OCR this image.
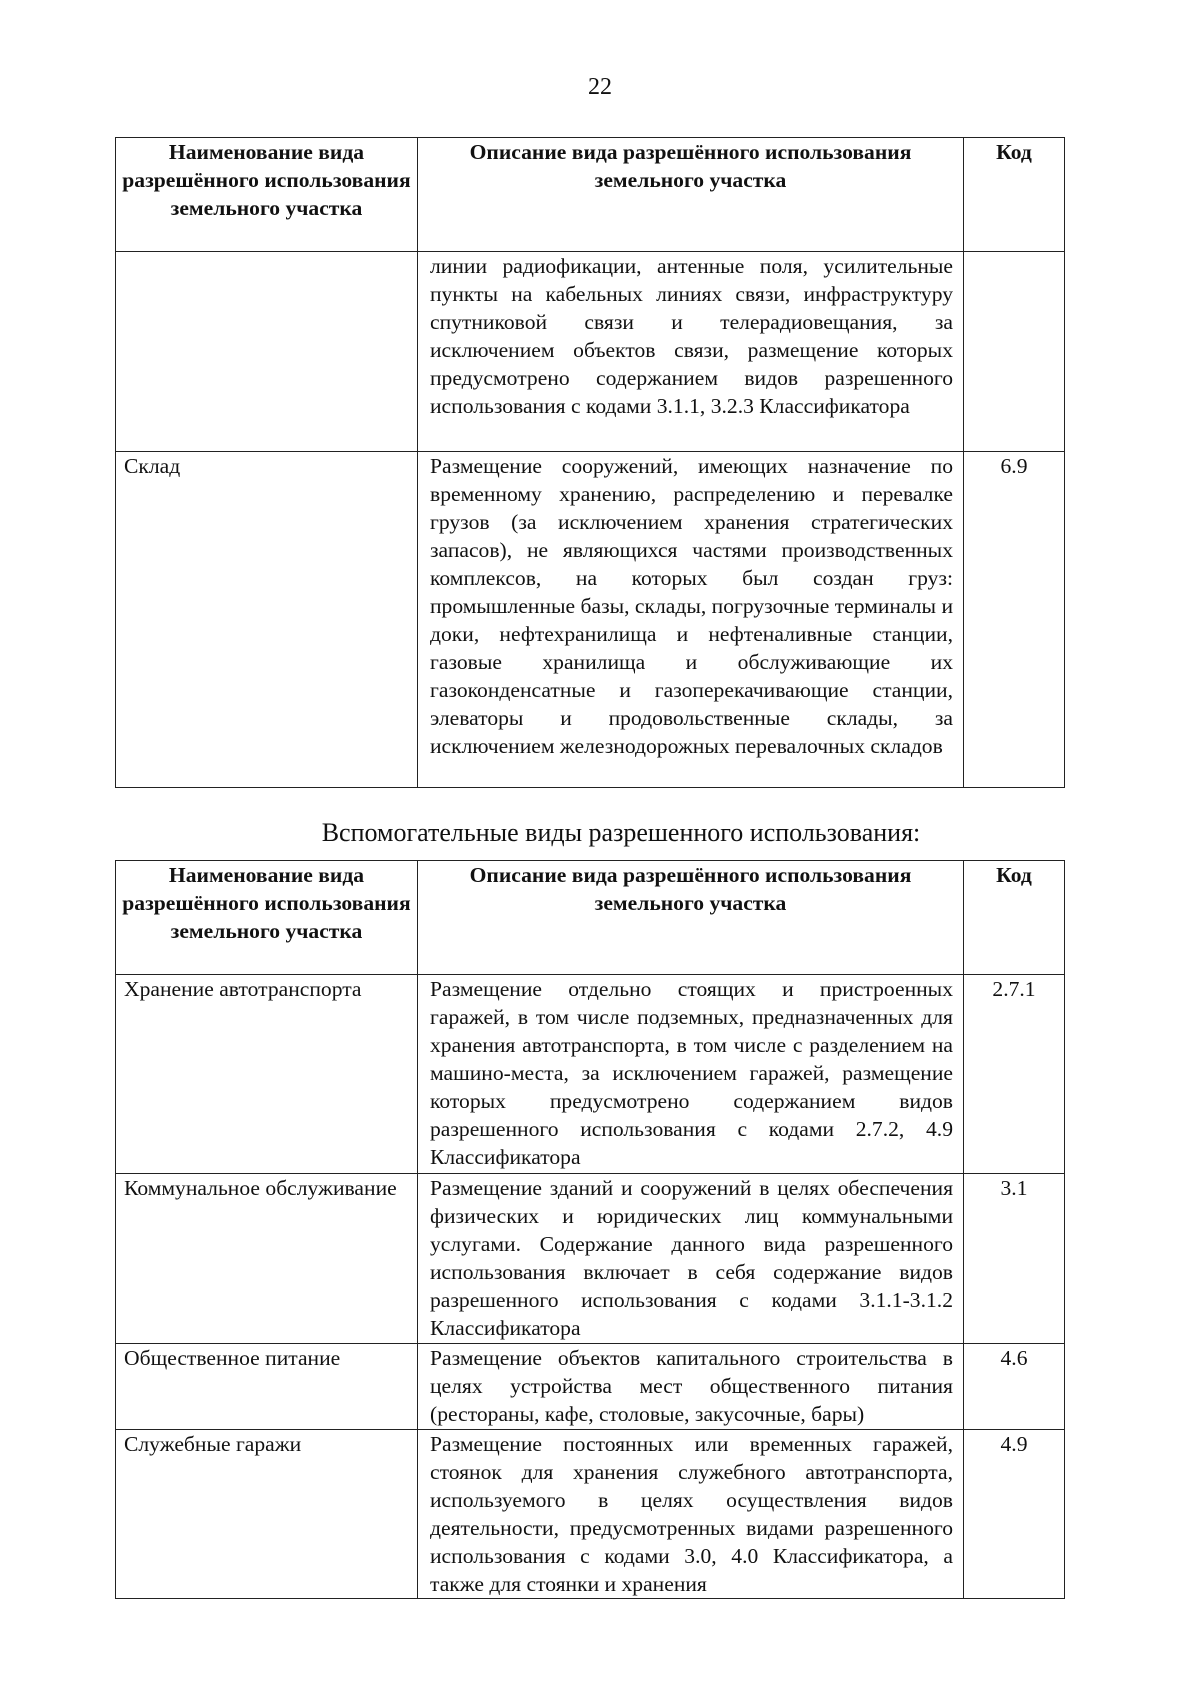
22
Наименование вида разрешённого использования земельного участка	Описание вида разрешённого использования земельного участка	Код
	линии радиофикации, антенные поля, усилительные пункты на кабельных линиях связи, инфраструктуру спутниковой связи и телерадиовещания, за исключением объектов связи, размещение которых предусмотрено содержанием видов разрешенного использования с кодами 3.1.1, 3.2.3 Классификатора	
Склад	Размещение сооружений, имеющих назначение по временному хранению, распределению и перевалке грузов (за исключением хранения стратегических запасов), не являющихся частями производственных комплексов, на которых был создан груз: промышленные базы, склады, погрузочные терминалы и доки, нефтехранилища и нефтеналивные станции, газовые хранилища и обслуживающие их газоконденсатные и газоперекачивающие станции, элеваторы и продовольственные склады, за исключением железнодорожных перевалочных складов	6.9
Вспомогательные виды разрешенного использования:
Наименование вида разрешённого использования земельного участка	Описание вида разрешённого использования земельного участка	Код
Хранение автотранспорта	Размещение отдельно стоящих и пристроенных гаражей, в том числе подземных, предназначенных для хранения автотранспорта, в том числе с разделением на машино-места, за исключением гаражей, размещение которых предусмотрено содержанием видов разрешенного использования с кодами 2.7.2, 4.9 Классификатора	2.7.1
Коммунальное обслуживание	Размещение зданий и сооружений в целях обеспечения физических и юридических лиц коммунальными услугами. Содержание данного вида разрешенного использования включает в себя содержание видов разрешенного использования с кодами 3.1.1-3.1.2 Классификатора	3.1
Общественное питание	Размещение объектов капитального строительства в целях устройства мест общественного питания (рестораны, кафе, столовые, закусочные, бары)	4.6
Служебные гаражи	Размещение постоянных или временных гаражей, стоянок для хранения служебного автотранспорта, используемого в целях осуществления видов деятельности, предусмотренных видами разрешенного использования с кодами 3.0, 4.0 Классификатора, а также для стоянки и хранения	4.9
